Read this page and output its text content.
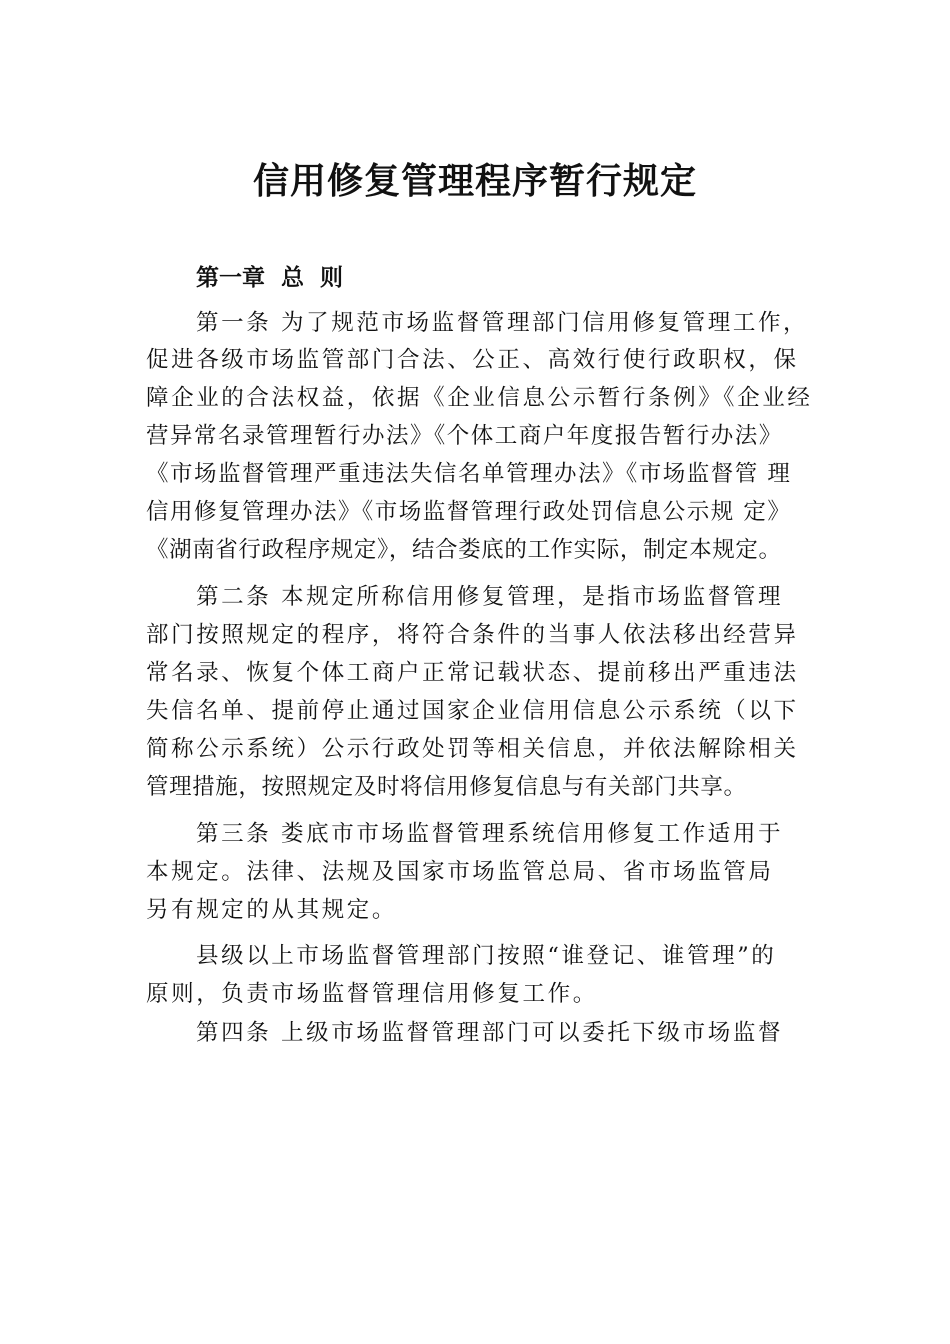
信用修复管理程序暂行规定
第一章  总  则

第一条 为了规范市场监督管理部门信用修复管理工作，

促进各级市场监管部门合法、公正、高效行使行政职权，保

障企业的合法权益，依据《企业信息公示暂行条例》《企业经

营异常名录管理暂行办法》《个体工商户年度报告暂行办法》

《市场监督管理严重违法失信名单管理办法》《市场监督管 理

信用修复管理办法》《市场监督管理行政处罚信息公示规 定》

《湖南省行政程序规定》，结合娄底的工作实际，制定本规定。

第二条 本规定所称信用修复管理，是指市场监督管理

部门按照规定的程序，将符合条件的当事人依法移出经营异

常名录、恢复个体工商户正常记载状态、提前移出严重违法

失信名单、提前停止通过国家企业信用信息公示系统（以下

简称公示系统）公示行政处罚等相关信息，并依法解除相关

管理措施，按照规定及时将信用修复信息与有关部门共享。

第三条 娄底市市场监督管理系统信用修复工作适用于

本规定。法律、法规及国家市场监管总局、省市场监管局

另有规定的从其规定。

县级以上市场监督管理部门按照“谁登记、谁管理”的

原则，负责市场监督管理信用修复工作。

第四条 上级市场监督管理部门可以委托下级市场监督
